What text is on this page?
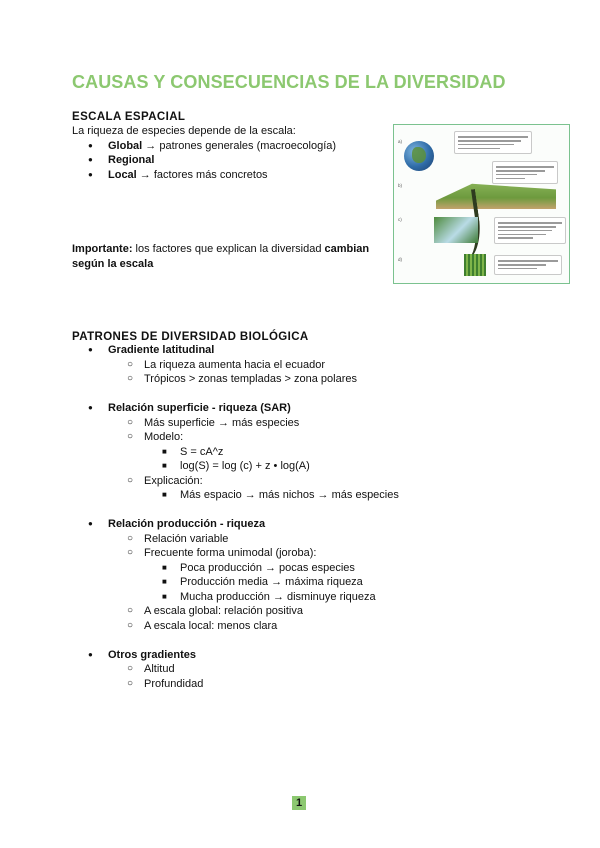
CAUSAS Y CONSECUENCIAS DE LA DIVERSIDAD
ESCALA ESPACIAL
La riqueza de especies depende de la escala:
● Global → patrones generales (macroecología)
● Regional
● Local → factores más concretos
Importante: los factores que explican la diversidad cambian
según la escala
a)
b)
c)
d)
PATRONES DE DIVERSIDAD BIOLÓGICA
● Gradiente latitudinal
○ La riqueza aumenta hacia el ecuador
○ Trópicos > zonas templadas > zona polares
● Relación superficie - riqueza (SAR)
○ Más superficie → más especies
○ Modelo:
■ S = cA^z
■ log(S) = log (c) + z • log(A)
○ Explicación:
■ Más espacio → más nichos → más especies
● Relación producción - riqueza
○ Relación variable
○ Frecuente forma unimodal (joroba):
■ Poca producción → pocas especies
■ Producción media → máxima riqueza
■ Mucha producción → disminuye riqueza
○ A escala global: relación positiva
○ A escala local: menos clara
● Otros gradientes
○ Altitud
○ Profundidad
1
